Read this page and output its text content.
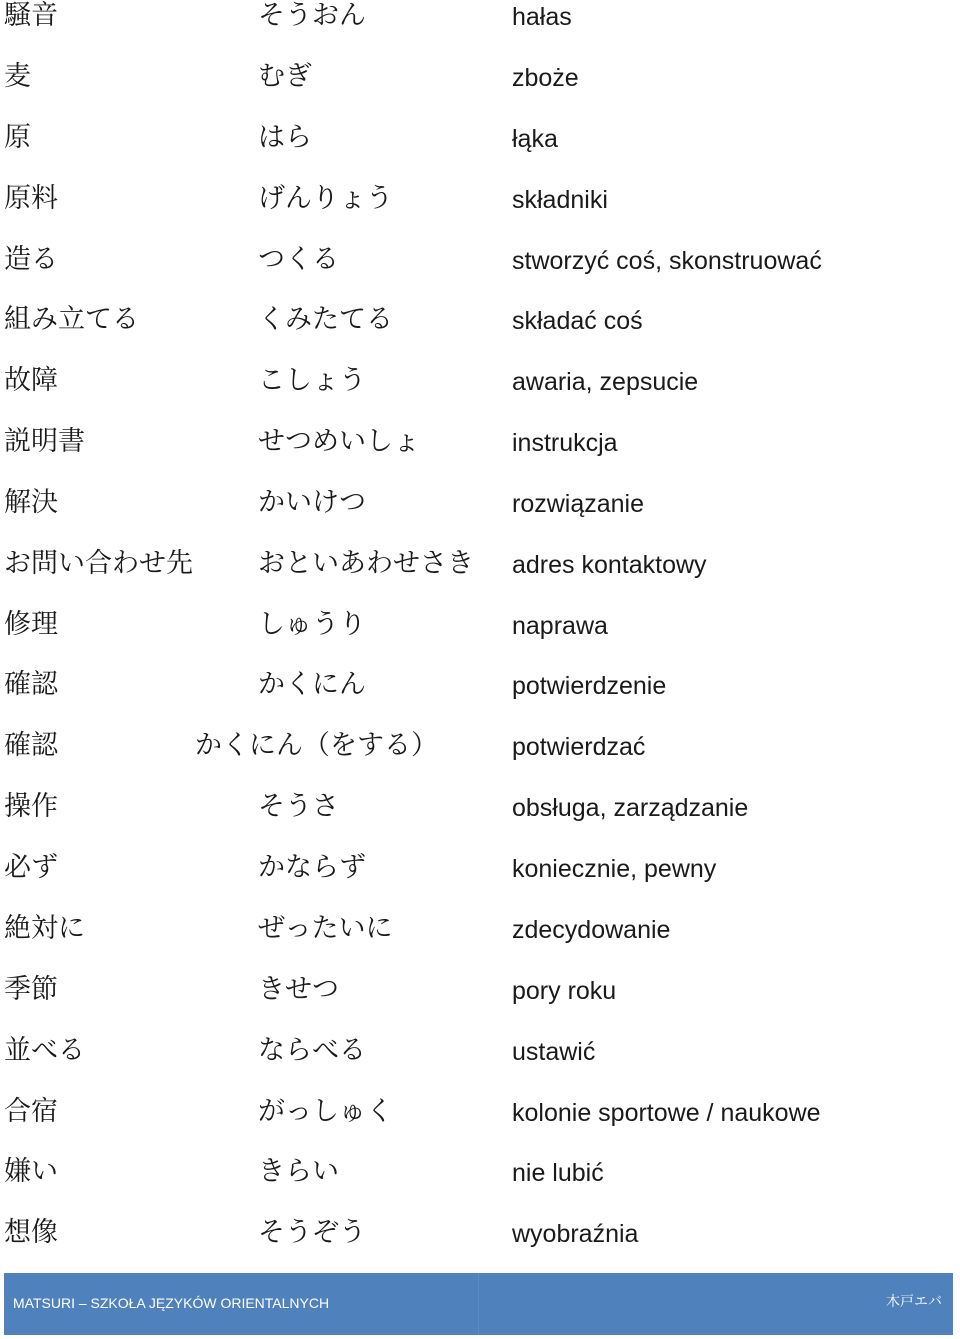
騒音	そうおん	hałas
麦	むぎ	zboże
原	はら	łąka
原料	げんりょう	składniki
造る	つくる	stworzyć coś, skonstruować
組み立てる	くみたてる	składać coś
故障	こしょう	awaria, zepsucie
説明書	せつめいしょ	instrukcja
解決	かいけつ	rozwiązanie
お問い合わせ先 おといあわせさき adres kontaktowy
修理	しゅうり	naprawa
確認	かくにん	potwierdzenie
確認	かくにん（をする）	potwierdzać
操作	そうさ	obsługa, zarządzanie
必ず	かならず	koniecznie, pewny
絶対に	ぜったいに	zdecydowanie
季節	きせつ	pory roku
並べる	ならべる	ustawić
合宿	がっしゅく	kolonie sportowe / naukowe
嫌い	きらい	nie lubić
想像	そうぞう	wyobraźnia
MATSURI – SZKOŁA JĘZYKÓW ORIENTALNYCH	木戸エバ
